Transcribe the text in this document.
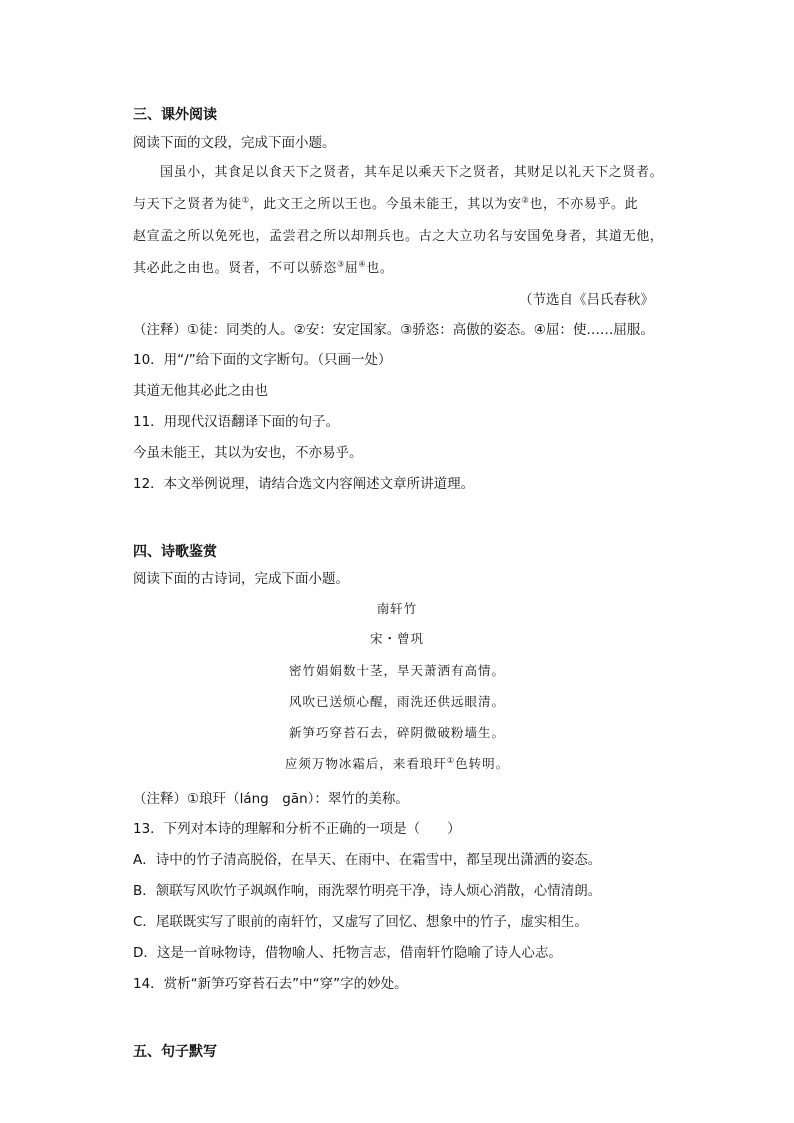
三、课外阅读
阅读下面的文段，完成下面小题。
国虽小，其食足以食天下之贤者，其车足以乘天下之贤者，其财足以礼天下之贤者。
与天下之贤者为徒①，此文王之所以王也。今虽未能王，其以为安②也，不亦易乎。此
赵宣孟之所以免死也，孟尝君之所以却荆兵也。古之大立功名与安国免身者，其道无他，
其必此之由也。贤者，不可以骄恣③屈④也。
（节选自《吕氏春秋》
（注释）①徒：同类的人。②安：安定国家。③骄恣：高傲的姿态。④屈：使……屈服。
10．用“/”给下面的文字断句。（只画一处）
其道无他其必此之由也
11．用现代汉语翻译下面的句子。
今虽未能王，其以为安也，不亦易乎。
12．本文举例说理，请结合选文内容阐述文章所讲道理。
四、诗歌鉴赏
阅读下面的古诗词，完成下面小题。
南轩竹
宋・曾巩
密竹娟娟数十茎，旱天萧洒有高情。
风吹已送烦心醒，雨洗还供远眼清。
新笋巧穿苔石去，碎阴微破粉墙生。
应须万物冰霜后，来看琅玕①色转明。
（注释）①琅玕（láng　gān）：翠竹的美称。
13．下列对本诗的理解和分析不正确的一项是（　　）
A．诗中的竹子清高脱俗，在旱天、在雨中、在霜雪中，都呈现出潇洒的姿态。
B．颔联写风吹竹子飒飒作响，雨洗翠竹明亮干净，诗人烦心消散，心情清朗。
C．尾联既实写了眼前的南轩竹，又虚写了回忆、想象中的竹子，虚实相生。
D．这是一首咏物诗，借物喻人、托物言志，借南轩竹隐喻了诗人心志。
14．赏析“新笋巧穿苔石去”中“穿”字的妙处。
五、句子默写
